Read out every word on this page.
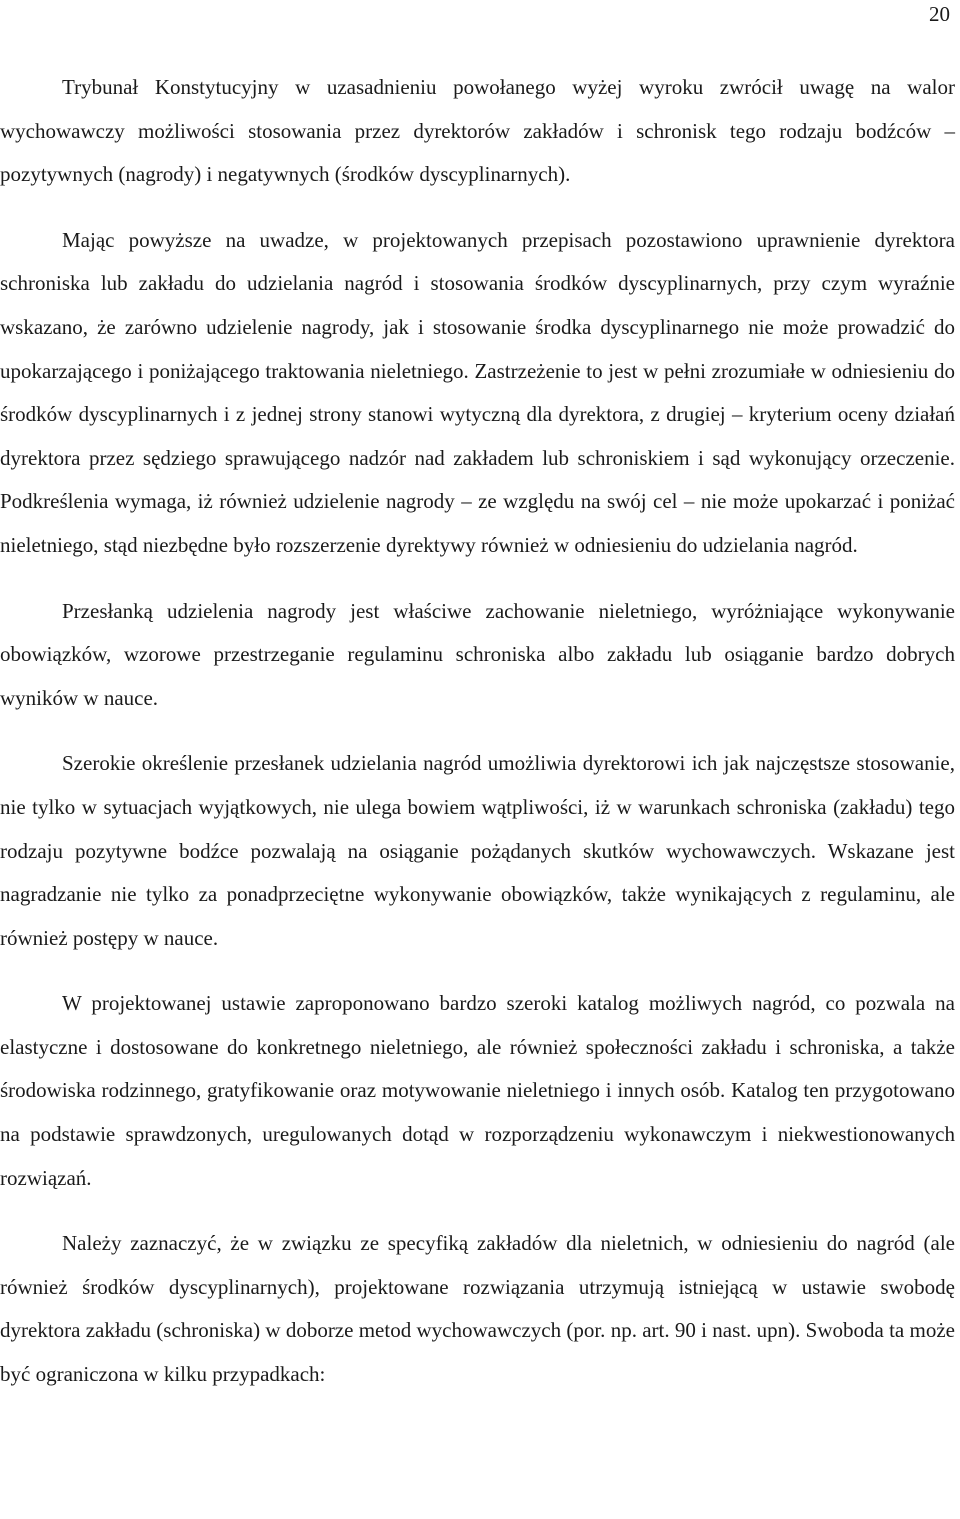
20

Trybunał Konstytucyjny w uzasadnieniu powołanego wyżej wyroku zwrócił uwagę na walor wychowawczy możliwości stosowania przez dyrektorów zakładów i schronisk tego rodzaju bodźców – pozytywnych (nagrody) i negatywnych (środków dyscyplinarnych).

Mając powyższe na uwadze, w projektowanych przepisach pozostawiono uprawnienie dyrektora schroniska lub zakładu do udzielania nagród i stosowania środków dyscyplinarnych, przy czym wyraźnie wskazano, że zarówno udzielenie nagrody, jak i stosowanie środka dyscyplinarnego nie może prowadzić do upokarzającego i poniżającego traktowania nieletniego. Zastrzeżenie to jest w pełni zrozumiałe w odniesieniu do środków dyscyplinarnych i z jednej strony stanowi wytyczną dla dyrektora, z drugiej – kryterium oceny działań dyrektora przez sędziego sprawującego nadzór nad zakładem lub schroniskiem i sąd wykonujący orzeczenie. Podkreślenia wymaga, iż również udzielenie nagrody – ze względu na swój cel – nie może upokarzać i poniżać nieletniego, stąd niezbędne było rozszerzenie dyrektywy również w odniesieniu do udzielania nagród.

Przesłanką udzielenia nagrody jest właściwe zachowanie nieletniego, wyróżniające wykonywanie obowiązków, wzorowe przestrzeganie regulaminu schroniska albo zakładu lub osiąganie bardzo dobrych wyników w nauce.

Szerokie określenie przesłanek udzielania nagród umożliwia dyrektorowi ich jak najczęstsze stosowanie, nie tylko w sytuacjach wyjątkowych, nie ulega bowiem wątpliwości, iż w warunkach schroniska (zakładu) tego rodzaju pozytywne bodźce pozwalają na osiąganie pożądanych skutków wychowawczych. Wskazane jest nagradzanie nie tylko za ponadprzeciętne wykonywanie obowiązków, także wynikających z regulaminu, ale również postępy w nauce.

W projektowanej ustawie zaproponowano bardzo szeroki katalog możliwych nagród, co pozwala na elastyczne i dostosowane do konkretnego nieletniego, ale również społeczności zakładu i schroniska, a także środowiska rodzinnego, gratyfikowanie oraz motywowanie nieletniego i innych osób. Katalog ten przygotowano na podstawie sprawdzonych, uregulowanych dotąd w rozporządzeniu wykonawczym i niekwestionowanych rozwiązań.

Należy zaznaczyć, że w związku ze specyfiką zakładów dla nieletnich, w odniesieniu do nagród (ale również środków dyscyplinarnych), projektowane rozwiązania utrzymują istniejącą w ustawie swobodę dyrektora zakładu (schroniska) w doborze metod wychowawczych (por. np. art. 90 i nast. upn). Swoboda ta może być ograniczona w kilku przypadkach:
